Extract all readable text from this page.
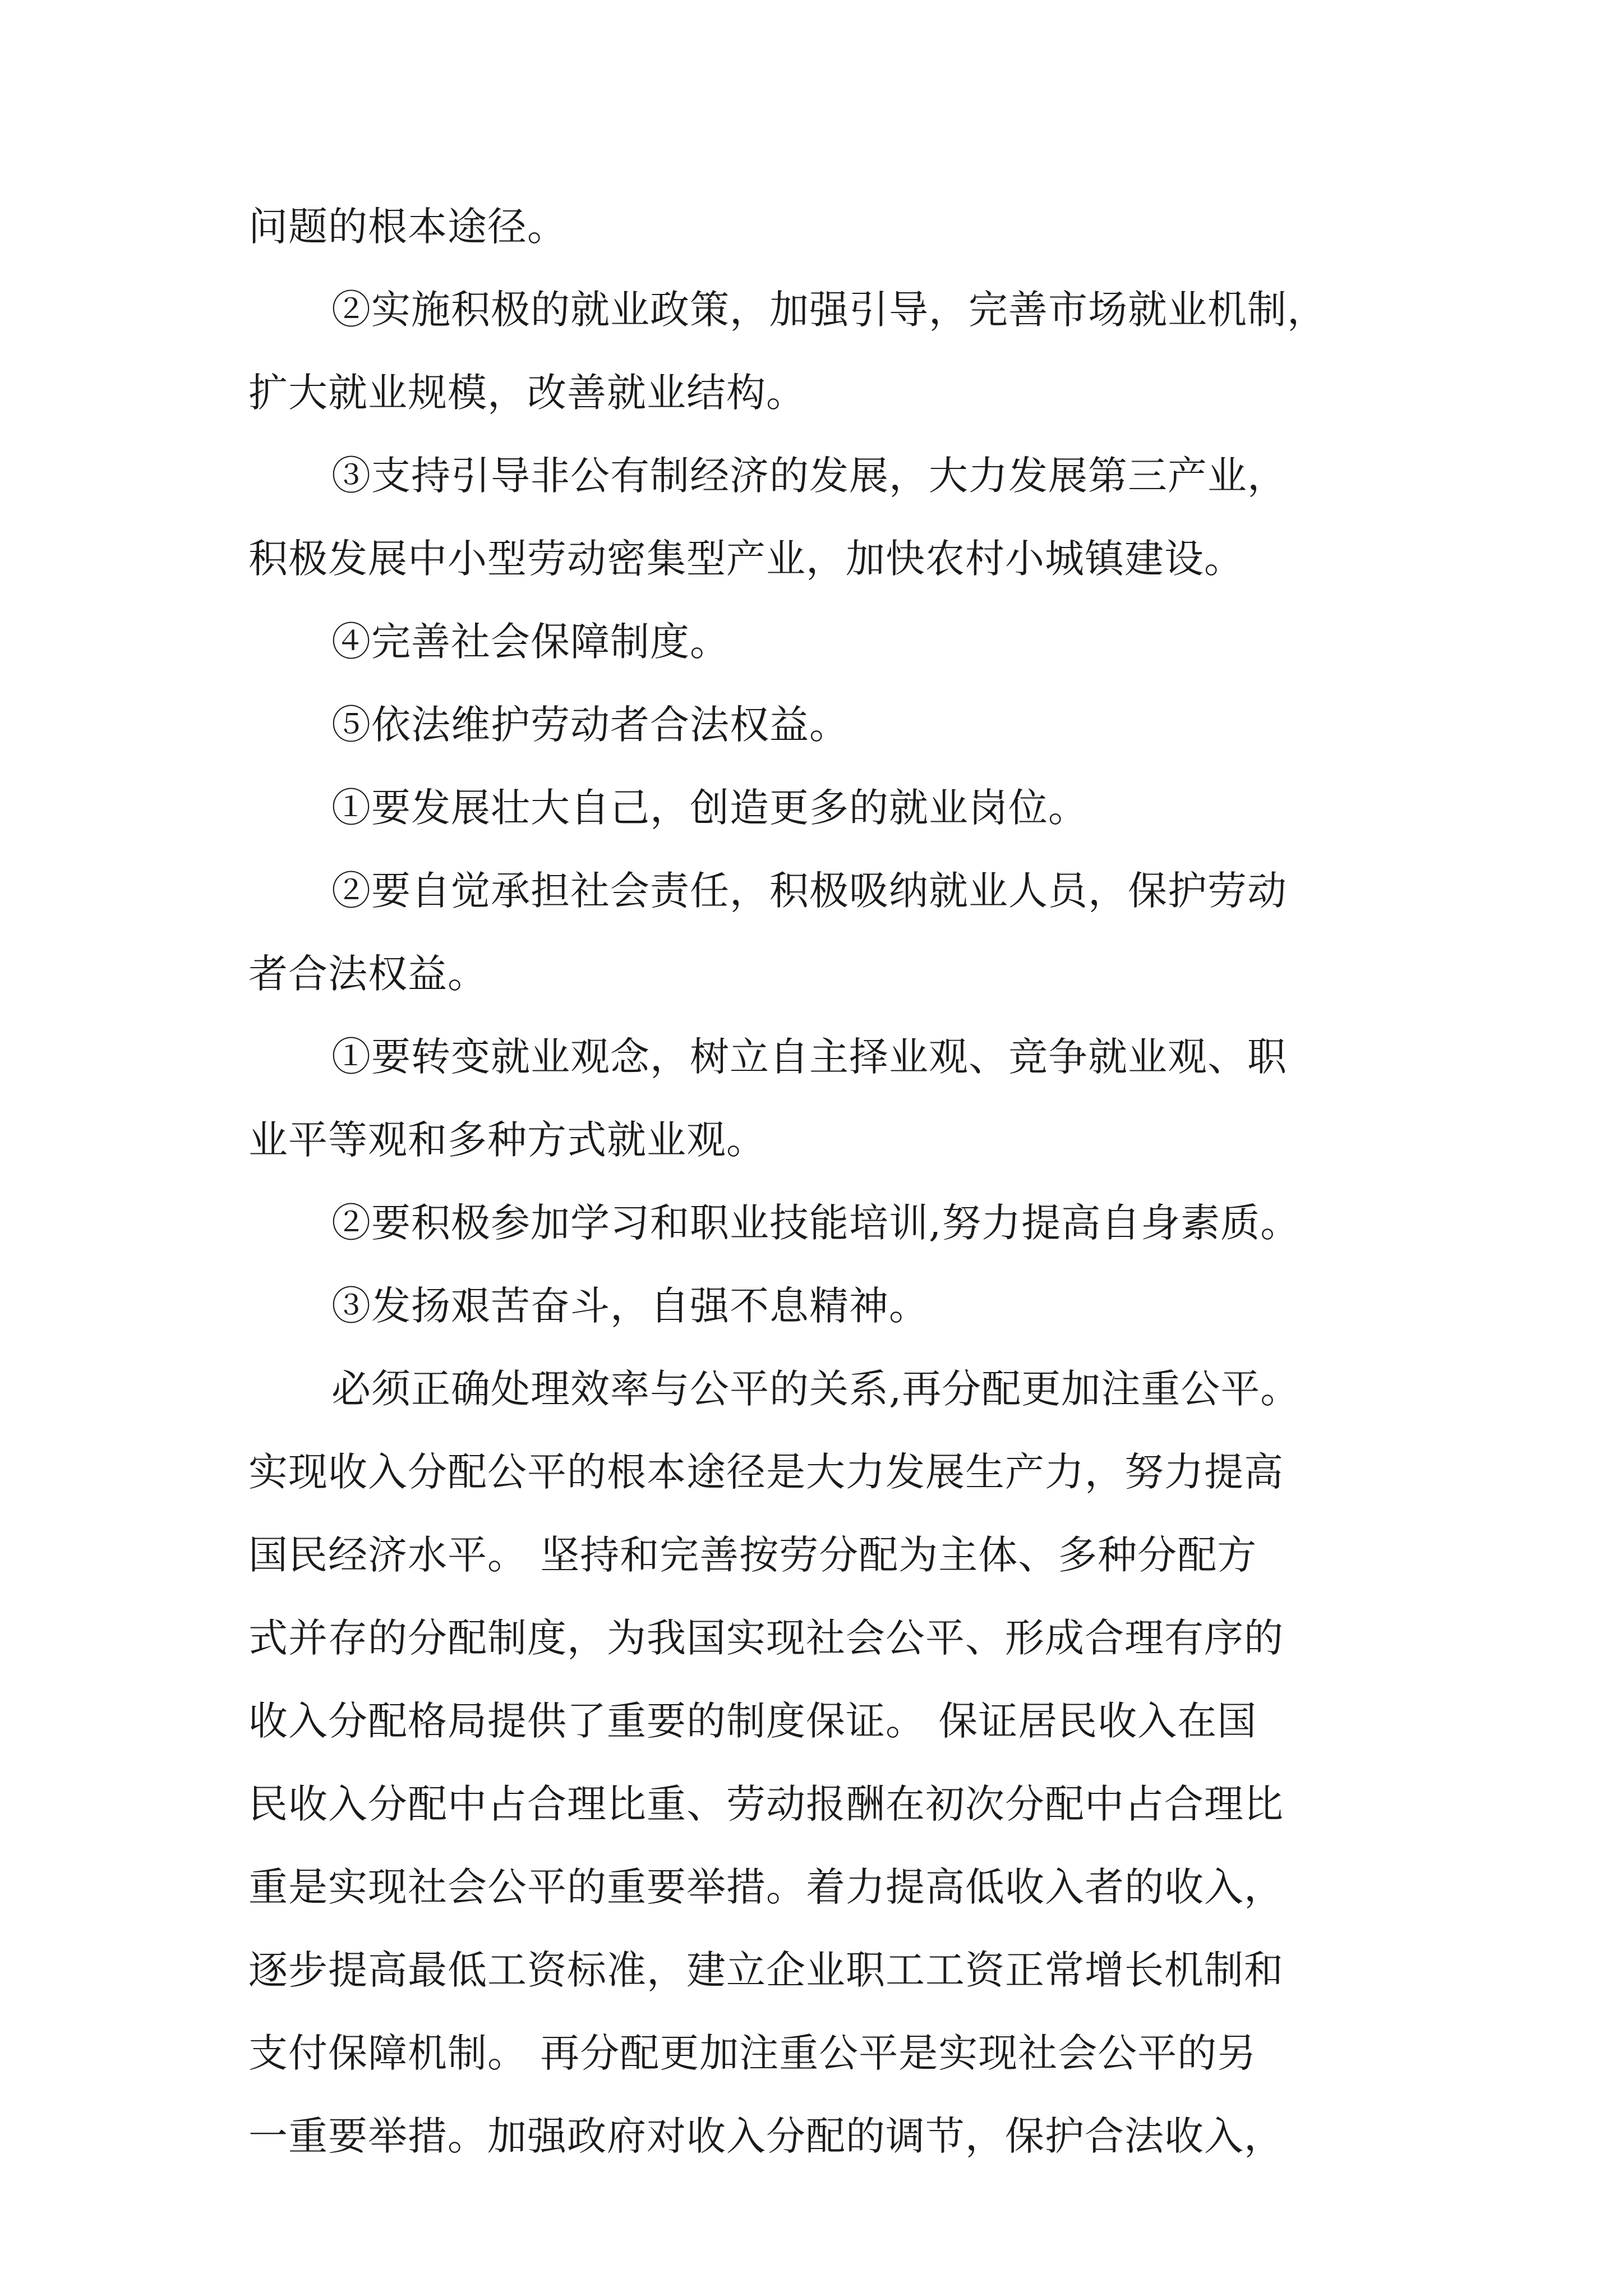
问题的根本途径。
②实施积极的就业政策，加强引导，完善市场就业机制，
扩大就业规模，改善就业结构。
③支持引导非公有制经济的发展，大力发展第三产业，
积极发展中小型劳动密集型产业，加快农村小城镇建设。
④完善社会保障制度。
⑤依法维护劳动者合法权益。
①要发展壮大自己，创造更多的就业岗位。
②要自觉承担社会责任，积极吸纳就业人员，保护劳动
者合法权益。
①要转变就业观念，树立自主择业观、竞争就业观、职
业平等观和多种方式就业观。
②要积极参加学习和职业技能培训,努力提高自身素质。
③发扬艰苦奋斗，自强不息精神。
必须正确处理效率与公平的关系,再分配更加注重公平。
实现收入分配公平的根本途径是大力发展生产力，努力提高
国民经济水平。 坚持和完善按劳分配为主体、多种分配方
式并存的分配制度，为我国实现社会公平、形成合理有序的
收入分配格局提供了重要的制度保证。 保证居民收入在国
民收入分配中占合理比重、劳动报酬在初次分配中占合理比
重是实现社会公平的重要举措。着力提高低收入者的收入，
逐步提高最低工资标准，建立企业职工工资正常增长机制和
支付保障机制。 再分配更加注重公平是实现社会公平的另
一重要举措。加强政府对收入分配的调节，保护合法收入，
